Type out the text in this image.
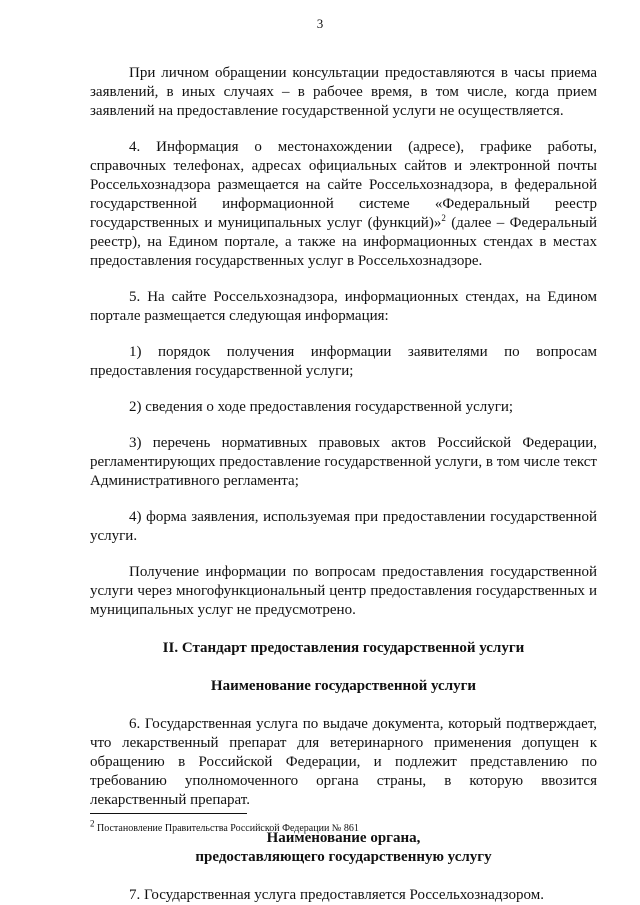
3

При личном обращении консультации предоставляются в часы приема заявлений, в иных случаях – в рабочее время, в том числе, когда прием заявлений на предоставление государственной услуги не осуществляется.

4. Информация о местонахождении (адресе), графике работы, справочных телефонах, адресах официальных сайтов и электронной почты Россельхознадзора размещается на сайте Россельхознадзора, в федеральной государственной информационной системе «Федеральный реестр государственных и муниципальных услуг (функций)»$^2$ (далее – Федеральный реестр), на Едином портале, а также на информационных стендах в местах предоставления государственных услуг в Россельхознадзоре.

5. На сайте Россельхознадзора, информационных стендах, на Едином портале размещается следующая информация:

1) порядок получения информации заявителями по вопросам предоставления государственной услуги;

2) сведения о ходе предоставления государственной услуги;

3) перечень нормативных правовых актов Российской Федерации, регламентирующих предоставление государственной услуги, в том числе текст Административного регламента;

4) форма заявления, используемая при предоставлении государственной услуги.

Получение информации по вопросам предоставления государственной услуги через многофункциональный центр предоставления государственных и муниципальных услуг не предусмотрено.

II. Стандарт предоставления государственной услуги
Наименование государственной услуги

6. Государственная услуга по выдаче документа, который подтверждает, что лекарственный препарат для ветеринарного применения допущен к обращению в Российской Федерации, и подлежит представлению по требованию уполномоченного органа страны, в которую ввозится лекарственный препарат.

Наименование органа,
предоставляющего государственную услугу

7. Государственная услуга предоставляется Россельхознадзором.

$^2$ Постановление Правительства Российской Федерации № 861
